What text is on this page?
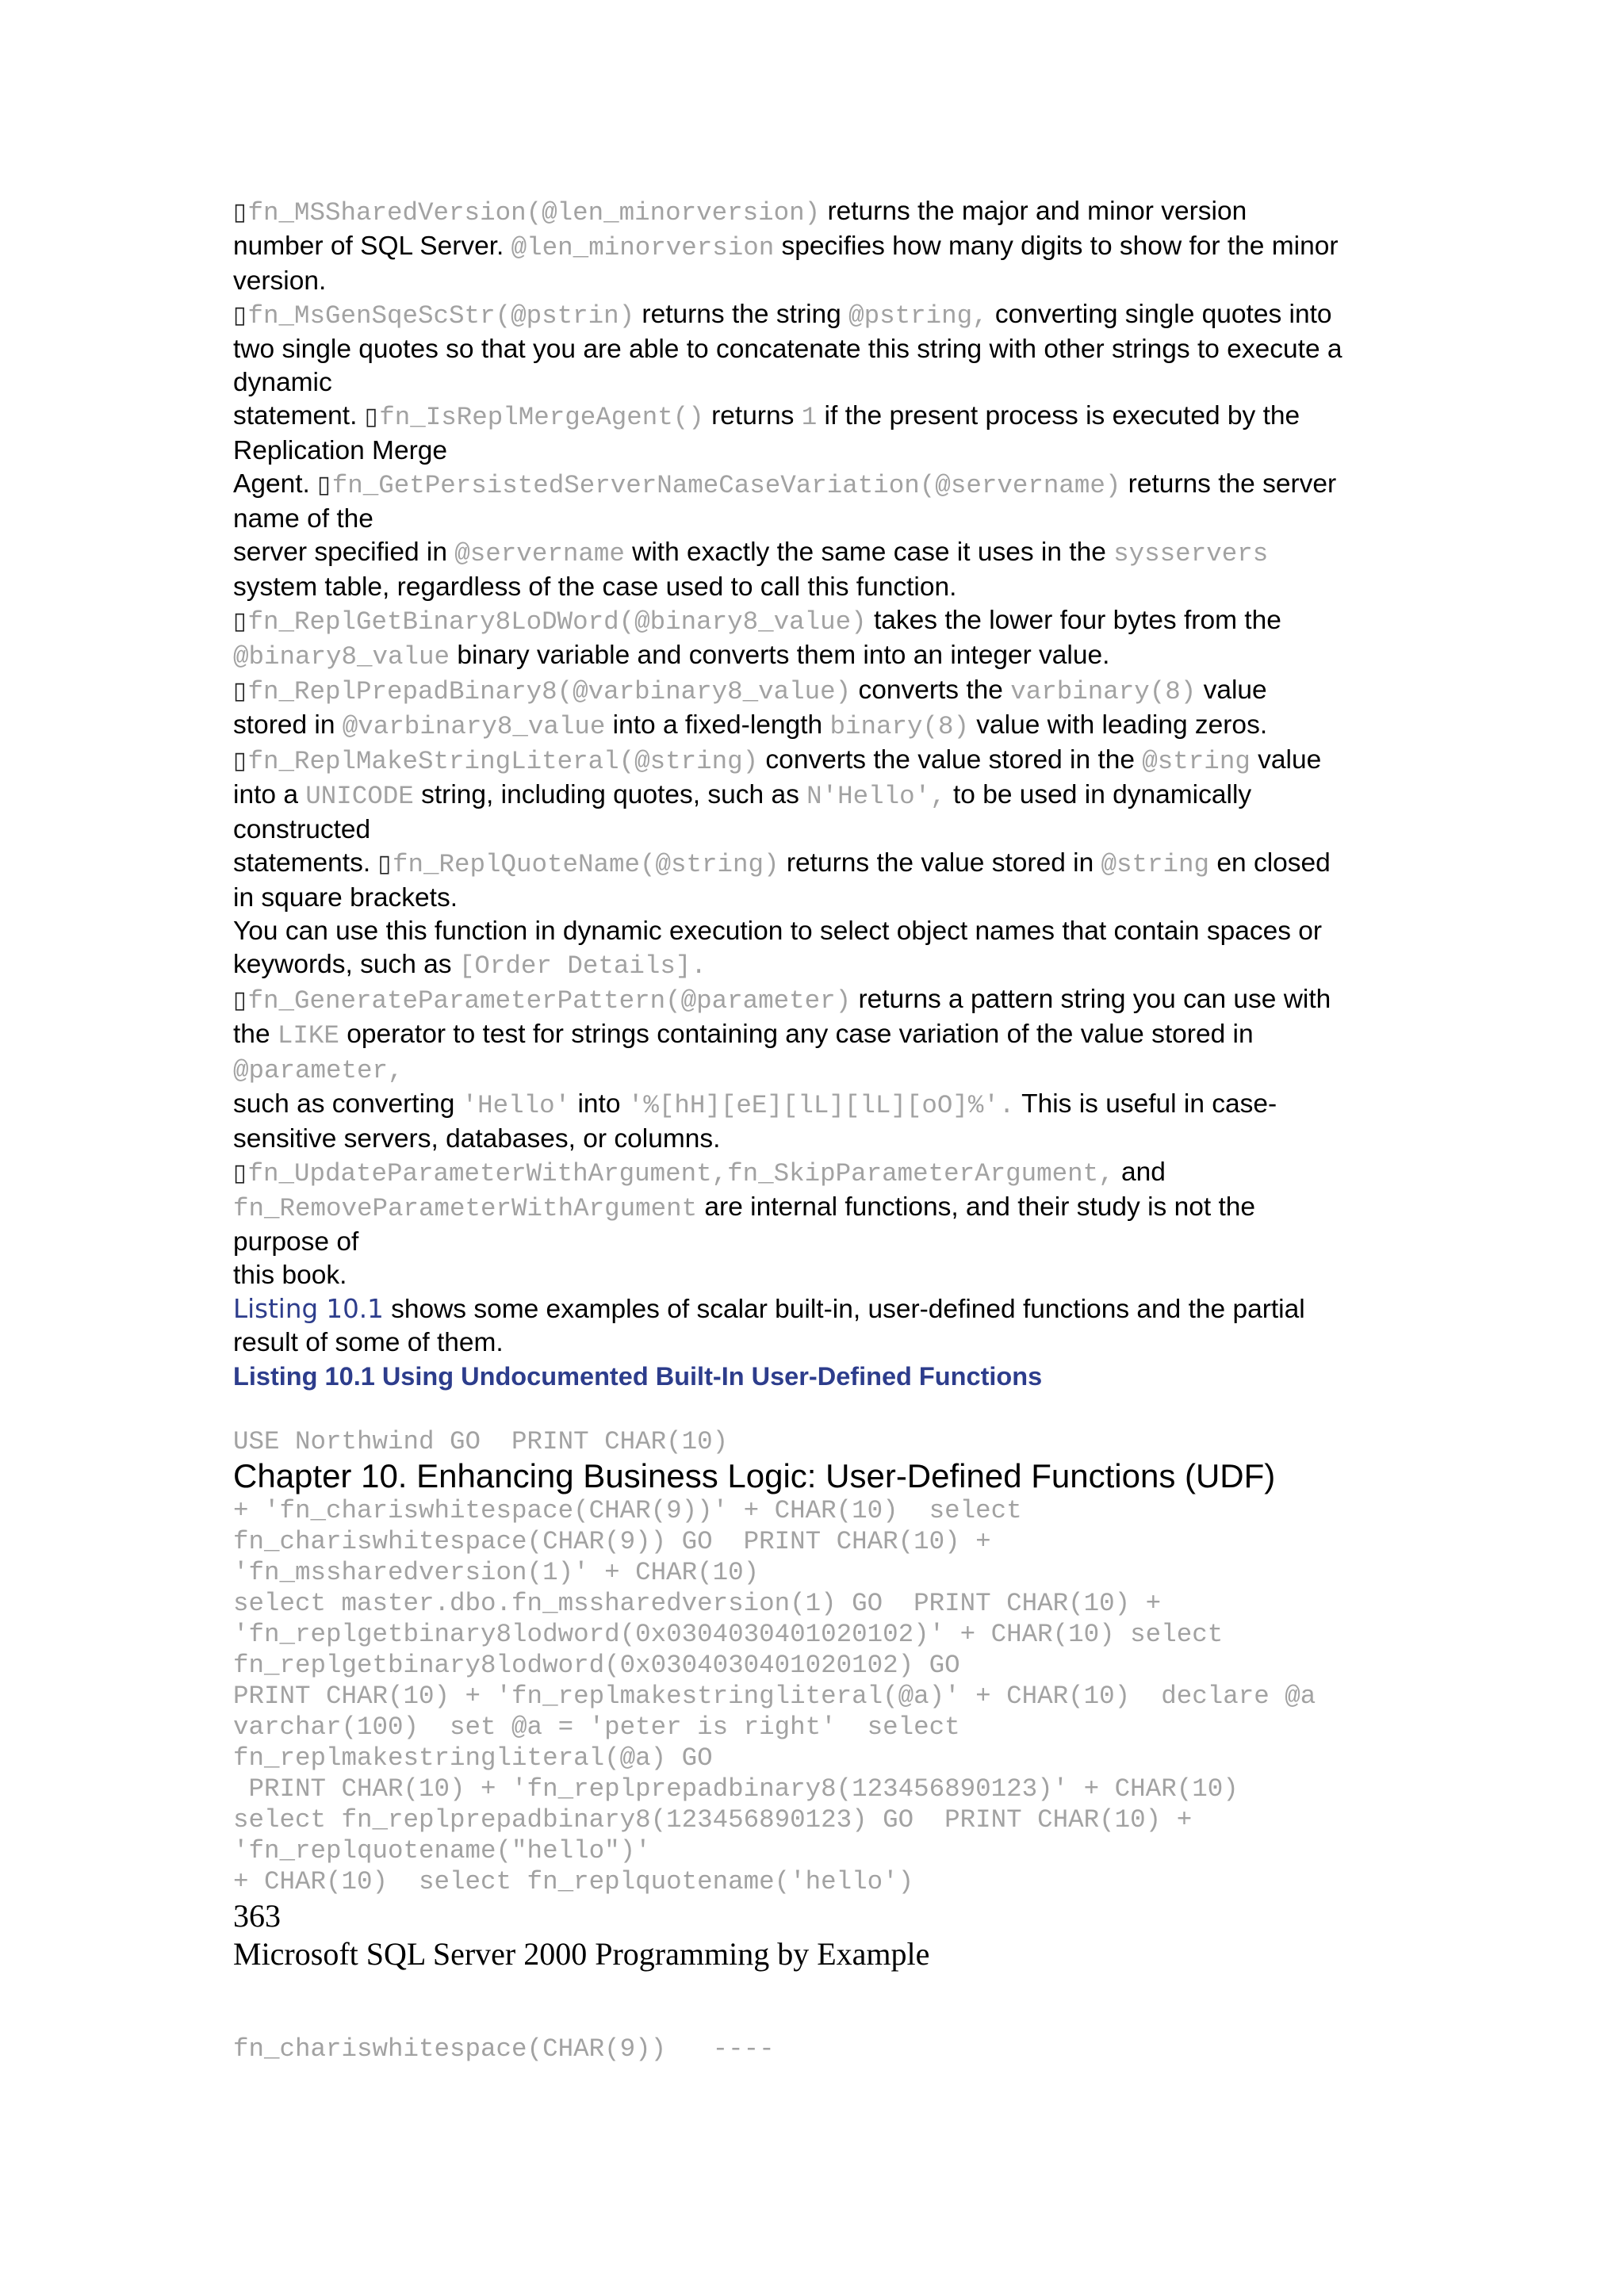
▯fn_MSSharedVersion(@len_minorversion) returns the major and minor version
number of SQL Server. @len_minorversion specifies how many digits to show for the minor
version.
▯fn_MsGenSqeScStr(@pstrin) returns the string @pstring, converting single quotes into
two single quotes so that you are able to concatenate this string with other strings to execute a
dynamic
statement. ▯fn_IsReplMergeAgent() returns 1 if the present process is executed by the
Replication Merge
Agent. ▯fn_GetPersistedServerNameCaseVariation(@servername) returns the server
name of the
server specified in @servername with exactly the same case it uses in the sysservers
system table, regardless of the case used to call this function.
▯fn_ReplGetBinary8LoDWord(@binary8_value) takes the lower four bytes from the
@binary8_value binary variable and converts them into an integer value.
▯fn_ReplPrepadBinary8(@varbinary8_value) converts the varbinary(8) value
stored in @varbinary8_value into a fixed-length binary(8) value with leading zeros.
▯fn_ReplMakeStringLiteral(@string) converts the value stored in the @string value
into a UNICODE string, including quotes, such as N'Hello', to be used in dynamically
constructed
statements. ▯fn_ReplQuoteName(@string) returns the value stored in @string en closed
in square brackets.
You can use this function in dynamic execution to select object names that contain spaces or
keywords, such as [Order Details].
▯fn_GenerateParameterPattern(@parameter) returns a pattern string you can use with
the LIKE operator to test for strings containing any case variation of the value stored in
@parameter,
such as converting 'Hello' into '%[hH][eE][lL][lL][oO]%'. This is useful in case-
sensitive servers, databases, or columns.
▯fn_UpdateParameterWithArgument,fn_SkipParameterArgument, and
fn_RemoveParameterWithArgument are internal functions, and their study is not the
purpose of
this book.
Listing 10.1 shows some examples of scalar built-in, user-defined functions and the partial
result of some of them.
Listing 10.1 Using Undocumented Built-In User-Defined Functions
USE Northwind GO  PRINT CHAR(10)
Chapter 10. Enhancing Business Logic: User-Defined Functions (UDF)
+ 'fn_chariswhitespace(CHAR(9))' + CHAR(10)  select
fn_chariswhitespace(CHAR(9)) GO  PRINT CHAR(10) +
'fn_mssharedversion(1)' + CHAR(10)
select master.dbo.fn_mssharedversion(1) GO  PRINT CHAR(10) +
'fn_replgetbinary8lodword(0x0304030401020102)' + CHAR(10) select
fn_replgetbinary8lodword(0x0304030401020102) GO
PRINT CHAR(10) + 'fn_replmakestringliteral(@a)' + CHAR(10)  declare @a
varchar(100)  set @a = 'peter is right'  select
fn_replmakestringliteral(@a) GO
PRINT CHAR(10) + 'fn_replprepadbinary8(123456890123)' + CHAR(10)
select fn_replprepadbinary8(123456890123) GO  PRINT CHAR(10) +
'fn_replquotename("hello")'
+ CHAR(10)  select fn_replquotename('hello')
363
Microsoft SQL Server 2000 Programming by Example
fn_chariswhitespace(CHAR(9))   ----
